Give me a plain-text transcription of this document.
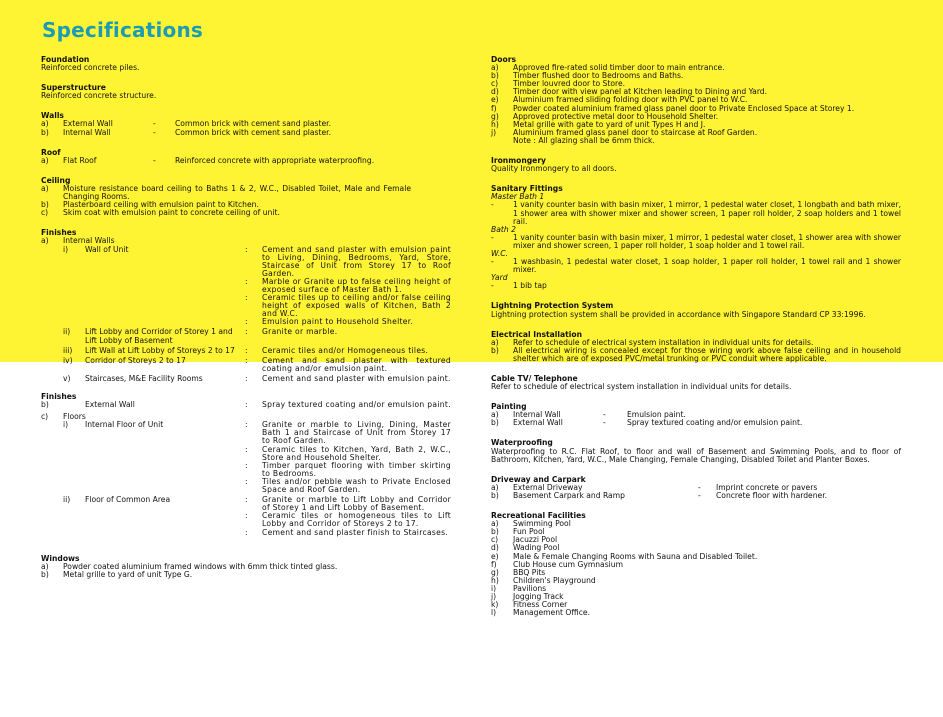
Specifications
Foundation
Reinforced concrete piles.
Superstructure
Reinforced concrete structure.
Walls
a)	External Wall	-	Common brick with cement sand plaster.
b)	Internal Wall	-	Common brick with cement sand plaster.
Roof
a)	Flat Roof	-	Reinforced concrete with appropriate waterproofing.
Ceiling
a)	Moisture resistance board ceiling to Baths 1 & 2, W.C., Disabled Toilet, Male and Female Changing Rooms.
b)	Plasterboard ceiling with emulsion paint to Kitchen.
c)	Skim coat with emulsion paint to concrete ceiling of unit.
Finishes
a)	Internal Walls
i)	Wall of Unit	:	Cement and sand plaster with emulsion paint to Living, Dining, Bedrooms, Yard, Store, Staircase of Unit from Storey 17 to Roof Garden.
:	Marble or Granite up to false ceiling height of exposed surface of Master Bath 1.
:	Ceramic tiles up to ceiling and/or false ceiling height of exposed walls of Kitchen, Bath 2 and W.C.
:	Emulsion paint to Household Shelter.
ii)	Lift Lobby and Corridor of Storey 1 and Lift Lobby of Basement
:	Granite or marble.
iii)	Lift Wall at Lift Lobby of Storeys 2 to 17	:	Ceramic tiles and/or Homogeneous tiles.
iv)	Corridor of Storeys 2 to 17	:	Cement and sand plaster with textured coating and/or emulsion paint.
v)	Staircases, M&E Facility Rooms	:	Cement and sand plaster with emulsion paint.
Finishes
b)	External Wall	:	Spray textured coating and/or emulsion paint.
c)	Floors
i)	Internal Floor of Unit	:	Granite or marble to Living, Dining, Master Bath 1 and Staircase of Unit from Storey 17 to Roof Garden.
:	Ceramic tiles to Kitchen, Yard, Bath 2, W.C., Store and Household Shelter.
:	Timber parquet flooring with timber skirting to Bedrooms.
:	Tiles and/or pebble wash to Private Enclosed Space and Roof Garden.
ii)	Floor of Common Area	:	Granite or marble to Lift Lobby and Corridor of Storey 1 and Lift Lobby of Basement.
:	Ceramic tiles or homogeneous tiles to Lift Lobby and Corridor of Storeys 2 to 17.
:	Cement and sand plaster finish to Staircases.
Windows
a)	Powder coated aluminium framed windows with 6mm thick tinted glass.
b)	Metal grille to yard of unit Type G.
Doors
a)	Approved fire-rated solid timber door to main entrance.
b)	Timber flushed door to Bedrooms and Baths.
c)	Timber louvred door to Store.
d)	Timber door with view panel at Kitchen leading to Dining and Yard.
e)	Aluminium framed sliding folding door with PVC panel to W.C.
f)	Powder coated aluminium framed glass panel door to Private Enclosed Space at Storey 1.
g)	Approved protective metal door to Household Shelter.
h)	Metal grille with gate to yard of unit Types H and J.
j)	Aluminium framed glass panel door to staircase at Roof Garden.
Note : All glazing shall be 6mm thick.
Ironmongery
Quality Ironmongery to all doors.
Sanitary Fittings
Master Bath 1
-	1 vanity counter basin with basin mixer, 1 mirror, 1 pedestal water closet, 1 longbath and bath mixer, 1 shower area with shower mixer and shower screen, 1 paper roll holder, 2 soap holders and 1 towel rail.
Bath 2
-	1 vanity counter basin with basin mixer, 1 mirror, 1 pedestal water closet, 1 shower area with shower mixer and shower screen, 1 paper roll holder, 1 soap holder and 1 towel rail.
W.C.
-	1 washbasin, 1 pedestal water closet, 1 soap holder, 1 paper roll holder, 1 towel rail and 1 shower mixer.
Yard
-	1 bib tap
Lightning Protection System
Lightning protection system shall be provided in accordance with Singapore Standard CP 33:1996.
Electrical Installation
a)	Refer to schedule of electrical system installation in individual units for details.
b)	All electrical wiring is concealed except for those wiring work above false ceiling and in household shelter which are of exposed PVC/metal trunking or PVC conduit where applicable.
Cable TV/ Telephone
Refer to schedule of electrical system installation in individual units for details.
Painting
a)	Internal Wall	-	Emulsion paint.
b)	External Wall	-	Spray textured coating and/or emulsion paint.
Waterproofing
Waterproofing to R.C. Flat Roof, to floor and wall of Basement and Swimming Pools, and to floor of Bathroom, Kitchen, Yard, W.C., Male Changing, Female Changing, Disabled Toilet and Planter Boxes.
Driveway and Carpark
a)	External Driveway	-	Imprint concrete or pavers
b)	Basement Carpark and Ramp	-	Concrete floor with hardener.
Recreational Facilities
a)	Swimming Pool
b)	Fun Pool
c)	Jacuzzi Pool
d)	Wading Pool
e)	Male & Female Changing Rooms with Sauna and Disabled Toilet.
f)	Club House cum Gymnasium
g)	BBQ Pits
h)	Children's Playground
i)	Pavilions
j)	Jogging Track
k)	Fitness Corner
l)	Management Office.
